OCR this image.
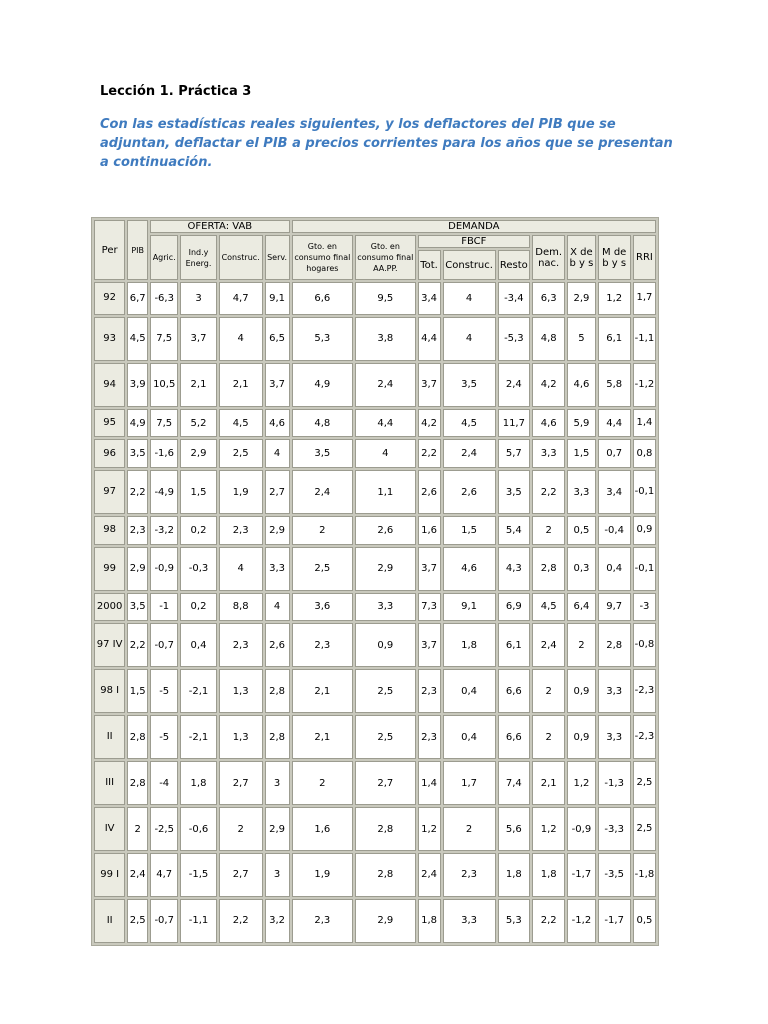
Lección 1. Práctica 3
Con las estadísticas reales siguientes, y los deflactores del PIB que se adjuntan, deflactar el PIB a precios corrientes para los años que se presentan a continuación.
Per	PIB	OFERTA: VAB				DEMANDA								
		Agric.	Ind.y Energ.	Construc.	Serv.	Gto. en consumo final hogares	Gto. en consumo final AA.PP.	FBCF			Dem. nac.	X de b y s	M de b y s	RRI
								Tot.	Construc.	Resto				
92	6,7	-6,3	3	4,7	9,1	6,6	9,5	3,4	4	-3,4	6,3	2,9	1,2	1,7
93	4,5	7,5	3,7	4	6,5	5,3	3,8	4,4	4	-5,3	4,8	5	6,1	-1,1
94	3,9	10,5	2,1	2,1	3,7	4,9	2,4	3,7	3,5	2,4	4,2	4,6	5,8	-1,2
95	4,9	7,5	5,2	4,5	4,6	4,8	4,4	4,2	4,5	11,7	4,6	5,9	4,4	1,4
96	3,5	-1,6	2,9	2,5	4	3,5	4	2,2	2,4	5,7	3,3	1,5	0,7	0,8
97	2,2	-4,9	1,5	1,9	2,7	2,4	1,1	2,6	2,6	3,5	2,2	3,3	3,4	-0,1
98	2,3	-3,2	0,2	2,3	2,9	2	2,6	1,6	1,5	5,4	2	0,5	-0,4	0,9
99	2,9	-0,9	-0,3	4	3,3	2,5	2,9	3,7	4,6	4,3	2,8	0,3	0,4	-0,1
2000	3,5	-1	0,2	8,8	4	3,6	3,3	7,3	9,1	6,9	4,5	6,4	9,7	-3
97 IV	2,2	-0,7	0,4	2,3	2,6	2,3	0,9	3,7	1,8	6,1	2,4	2	2,8	-0,8
98 I	1,5	-5	-2,1	1,3	2,8	2,1	2,5	2,3	0,4	6,6	2	0,9	3,3	-2,3
II	2,8	-5	-2,1	1,3	2,8	2,1	2,5	2,3	0,4	6,6	2	0,9	3,3	-2,3
III	2,8	-4	1,8	2,7	3	2	2,7	1,4	1,7	7,4	2,1	1,2	-1,3	2,5
IV	2	-2,5	-0,6	2	2,9	1,6	2,8	1,2	2	5,6	1,2	-0,9	-3,3	2,5
99 I	2,4	4,7	-1,5	2,7	3	1,9	2,8	2,4	2,3	1,8	1,8	-1,7	-3,5	-1,8
II	2,5	-0,7	-1,1	2,2	3,2	2,3	2,9	1,8	3,3	5,3	2,2	-1,2	-1,7	0,5
